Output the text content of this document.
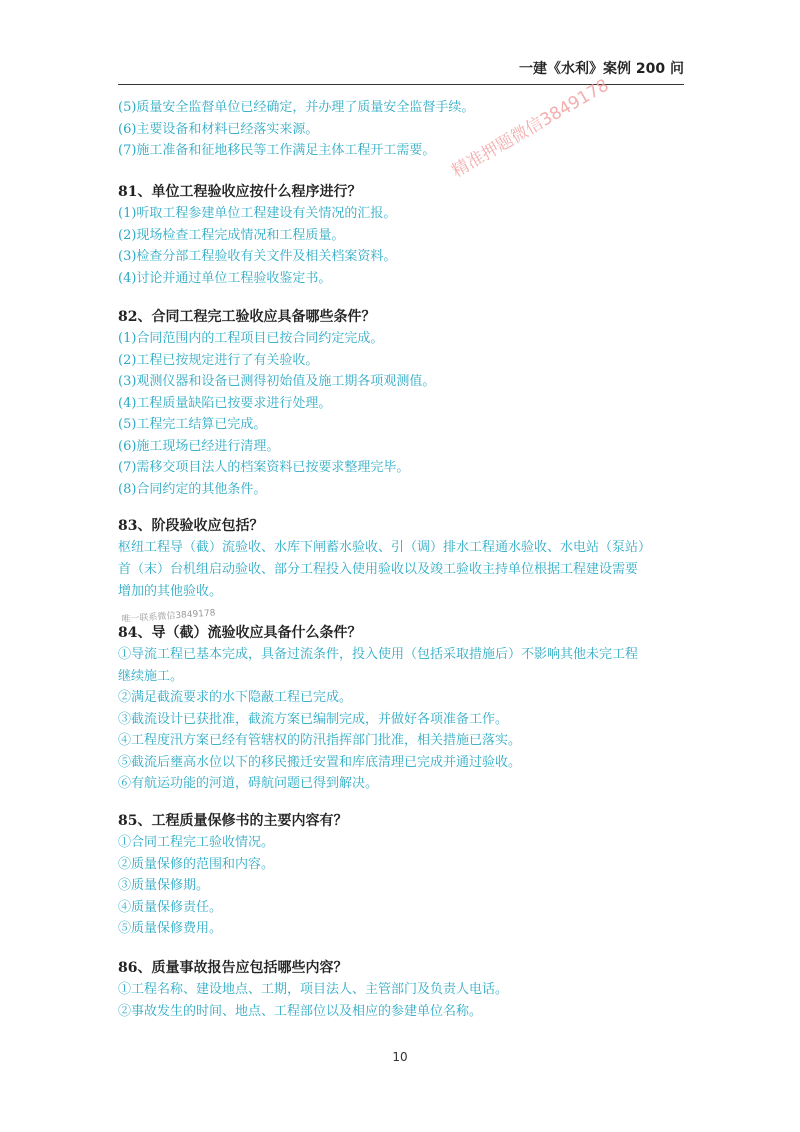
一建《水利》案例 200 问

(5)质量安全监督单位已经确定，并办理了质量安全监督手续。

(6)主要设备和材料已经落实来源。

(7)施工准备和征地移民等工作满足主体工程开工需要。

81、单位工程验收应按什么程序进行？

(1)听取工程参建单位工程建设有关情况的汇报。

(2)现场检查工程完成情况和工程质量。

(3)检查分部工程验收有关文件及相关档案资料。

(4)讨论并通过单位工程验收鉴定书。

82、合同工程完工验收应具备哪些条件？

(1)合同范围内的工程项目已按合同约定完成。

(2)工程已按规定进行了有关验收。

(3)观测仪器和设备已测得初始值及施工期各项观测值。

(4)工程质量缺陷已按要求进行处理。

(5)工程完工结算已完成。

(6)施工现场已经进行清理。

(7)需移交项目法人的档案资料已按要求整理完毕。

(8)合同约定的其他条件。

83、阶段验收应包括？

枢纽工程导（截）流验收、水库下闸蓄水验收、引（调）排水工程通水验收、水电站（泵站）

首（末）台机组启动验收、部分工程投入使用验收以及竣工验收主持单位根据工程建设需要

增加的其他验收。

唯一联系微信3849178

84、导（截）流验收应具备什么条件？

①导流工程已基本完成，具备过流条件，投入使用（包括采取措施后）不影响其他未完工程

继续施工。

②满足截流要求的水下隐蔽工程已完成。

③截流设计已获批准，截流方案已编制完成，并做好各项准备工作。

④工程度汛方案已经有管辖权的防汛指挥部门批准，相关措施已落实。

⑤截流后壅高水位以下的移民搬迁安置和库底清理已完成并通过验收。

⑥有航运功能的河道，碍航问题已得到解决。

85、工程质量保修书的主要内容有？

①合同工程完工验收情况。

②质量保修的范围和内容。

③质量保修期。

④质量保修责任。

⑤质量保修费用。

86、质量事故报告应包括哪些内容？

①工程名称、建设地点、工期，项目法人、主管部门及负责人电话。

②事故发生的时间、地点、工程部位以及相应的参建单位名称。

精准押题微信3849178
10
